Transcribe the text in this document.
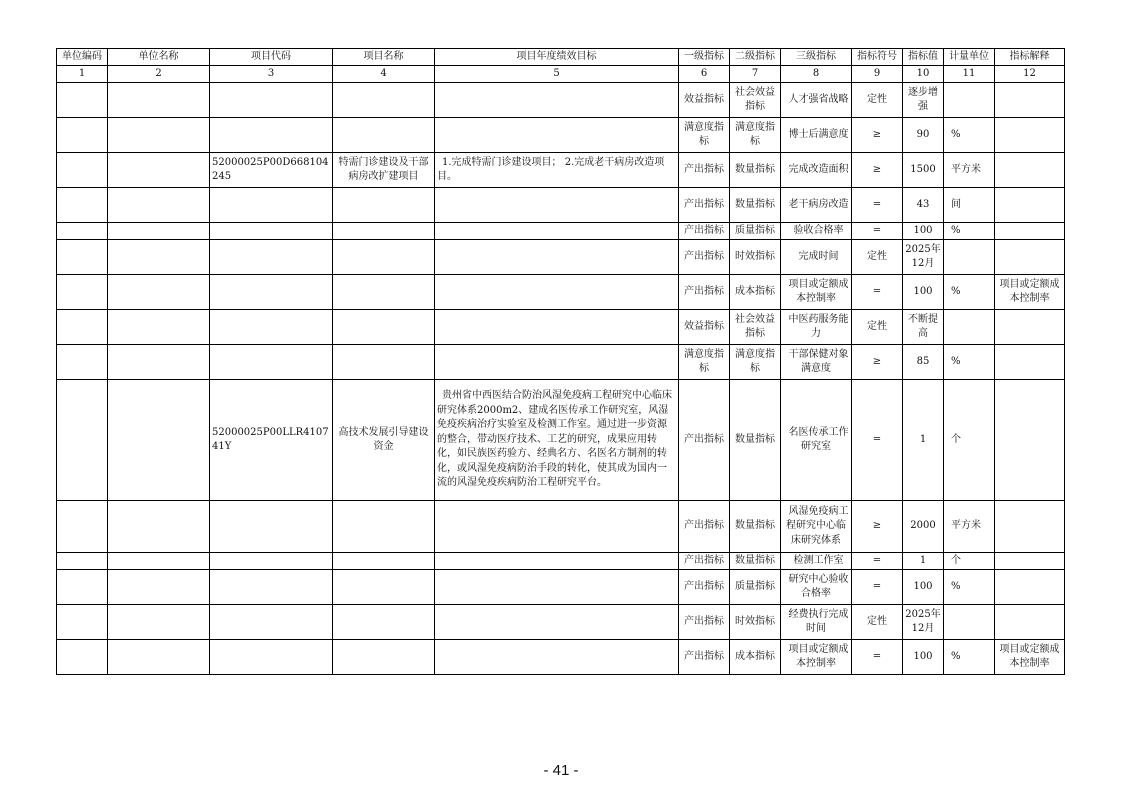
单位编码	单位名称	项目代码	项目名称	项目年度绩效目标	一级指标	二级指标	三级指标	指标符号	指标值	计量单位	指标解释
1	2	3	4	5	6	7	8	9	10	11	12
					效益指标	社会效益指标	人才强省战略	定性	逐步增强		
					满意度指标	满意度指标	博士后满意度	≥	90	%	
		52000025P00D668104245	特需门诊建设及干部病房改扩建项目	1.完成特需门诊建设项目； 2.完成老干病房改造项目。	产出指标	数量指标	完成改造面积	≥	1500	平方米	
					产出指标	数量指标	老干病房改造	=	43	间	
					产出指标	质量指标	验收合格率	=	100	%	
					产出指标	时效指标	完成时间	定性	2025年12月		
					产出指标	成本指标	项目或定额成本控制率	=	100	%	项目或定额成本控制率
					效益指标	社会效益指标	中医药服务能力	定性	不断提高		
					满意度指标	满意度指标	干部保健对象满意度	≥	85	%	
		52000025P00LLR410741Y	高技术发展引导建设资金	贵州省中西医结合防治风湿免疫病工程研究中心临床研究体系2000m2、建成名医传承工作研究室，风湿免疫疾病治疗实验室及检测工作室。通过进一步资源的整合，带动医疗技术、工艺的研究，成果应用转化，如民族医药验方、经典名方、名医名方制剂的转化，或风湿免疫病防治手段的转化，使其成为国内一流的风湿免疫疾病防治工程研究平台。	产出指标	数量指标	名医传承工作研究室	=	1	个	
					产出指标	数量指标	风湿免疫病工程研究中心临床研究体系	≥	2000	平方米	
					产出指标	数量指标	检测工作室	=	1	个	
					产出指标	质量指标	研究中心验收合格率	=	100	%	
					产出指标	时效指标	经费执行完成时间	定性	2025年12月		
					产出指标	成本指标	项目或定额成本控制率	=	100	%	项目或定额成本控制率
- 41 -
